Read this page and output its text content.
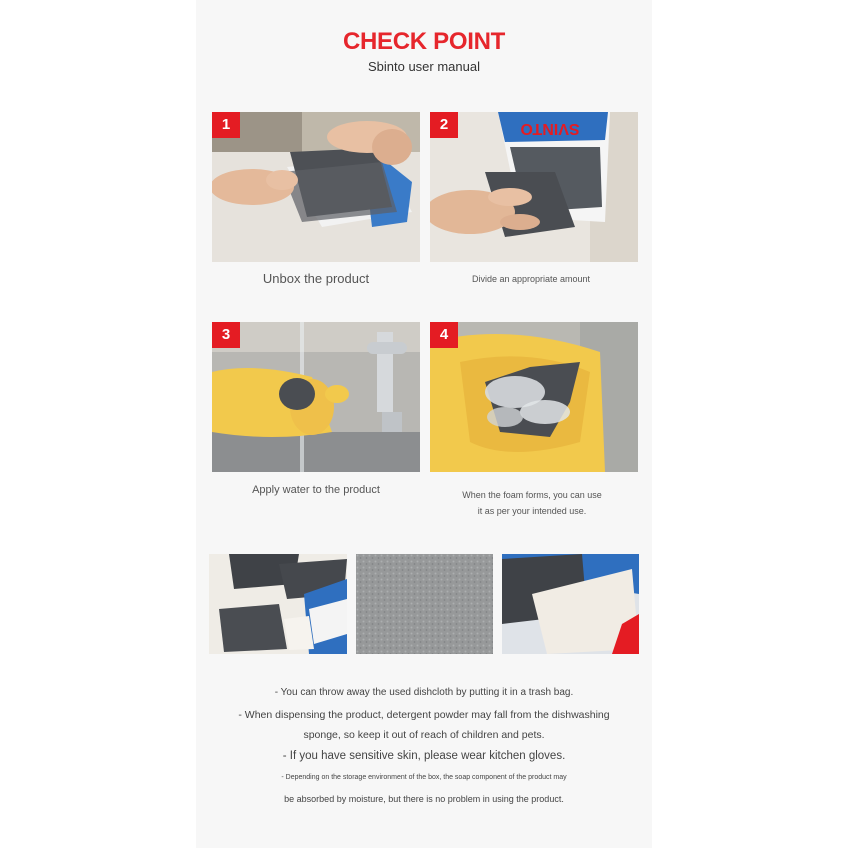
CHECK POINT
Sbinto user manual
1
Unbox the product
SVINTO
2
Divide an appropriate amount
3
Apply water to the product
4
When the foam forms, you can use
it as per your intended use.
- You can throw away the used dishcloth by putting it in a trash bag.
- When dispensing the product, detergent powder may fall from the dishwashing
sponge, so keep it out of reach of children and pets.
- If you have sensitive skin, please wear kitchen gloves.
- Depending on the storage environment of the box, the soap component of the product may
be absorbed by moisture, but there is no problem in using the product.
